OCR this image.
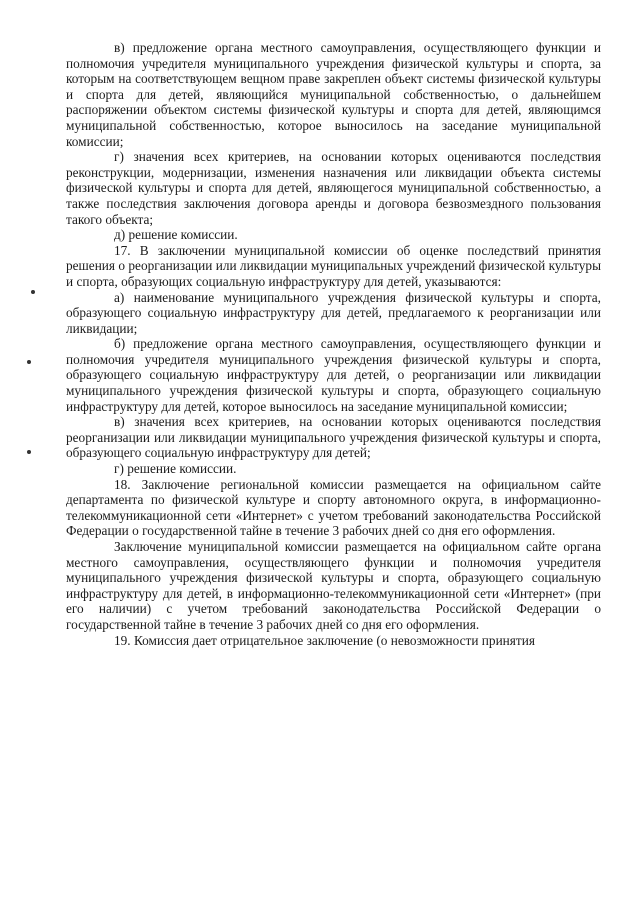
в) предложение органа местного самоуправления, осуществляющего функции и полномочия учредителя муниципального учреждения физической культуры и спорта, за которым на соответствующем вещном праве закреплен объект системы физической культуры и спорта для детей, являющийся муниципальной собственностью, о дальнейшем распоряжении объектом системы физической культуры и спорта для детей, являющимся муниципальной собственностью, которое выносилось на заседание муниципальной комиссии;

г) значения всех критериев, на основании которых оцениваются последствия реконструкции, модернизации, изменения назначения или ликвидации объекта системы физической культуры и спорта для детей, являющегося муниципальной собственностью, а также последствия заключения договора аренды и договора безвозмездного пользования такого объекта;

д) решение комиссии.

17. В заключении муниципальной комиссии об оценке последствий принятия решения о реорганизации или ликвидации муниципальных учреждений физической культуры и спорта, образующих социальную инфраструктуру для детей, указываются:

а) наименование муниципального учреждения физической культуры и спорта, образующего социальную инфраструктуру для детей, предлагаемого к реорганизации или ликвидации;

б) предложение органа местного самоуправления, осуществляющего функции и полномочия учредителя муниципального учреждения физической культуры и спорта, образующего социальную инфраструктуру для детей, о реорганизации или ликвидации муниципального учреждения физической культуры и спорта, образующего социальную инфраструктуру для детей, которое выносилось на заседание муниципальной комиссии;

в) значения всех критериев, на основании которых оцениваются последствия реорганизации или ликвидации муниципального учреждения физической культуры и спорта, образующего социальную инфраструктуру для детей;

г) решение комиссии.

18. Заключение региональной комиссии размещается на официальном сайте департамента по физической культуре и спорту автономного округа, в информационно-телекоммуникационной сети «Интернет» с учетом требований законодательства Российской Федерации о государственной тайне в течение 3 рабочих дней со дня его оформления.

Заключение муниципальной комиссии размещается на официальном сайте органа местного самоуправления, осуществляющего функции и полномочия учредителя муниципального учреждения физической культуры и спорта, образующего социальную инфраструктуру для детей, в информационно-телекоммуникационной сети «Интернет» (при его наличии) с учетом требований законодательства Российской Федерации о государственной тайне в течение 3 рабочих дней со дня его оформления.

19. Комиссия дает отрицательное заключение (о невозможности принятия
